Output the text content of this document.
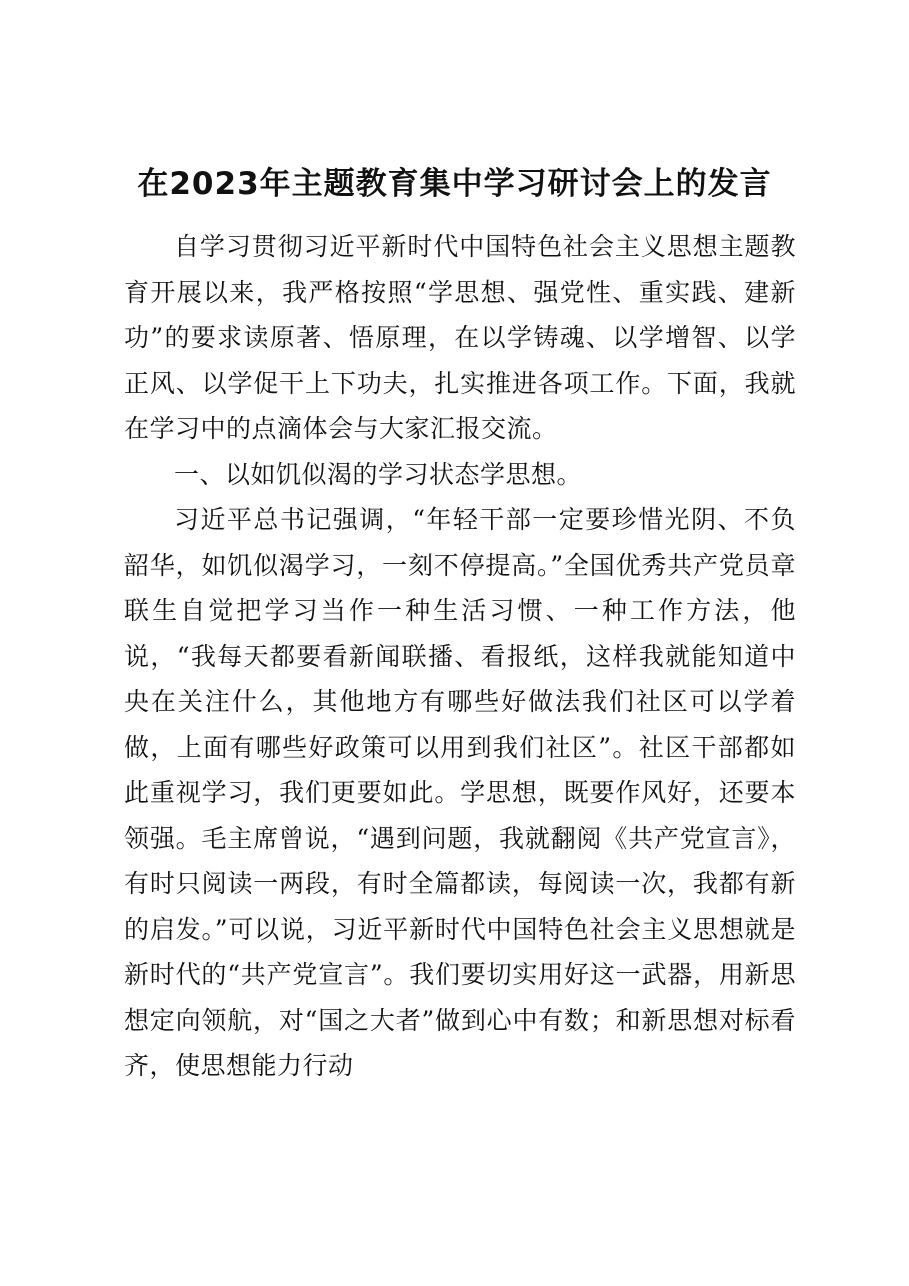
在2023年主题教育集中学习研讨会上的发言

自学习贯彻习近平新时代中国特色社会主义思想主题教育开展以来，我严格按照“学思想、强党性、重实践、建新功”的要求读原著、悟原理，在以学铸魂、以学增智、以学正风、以学促干上下功夫，扎实推进各项工作。下面，我就在学习中的点滴体会与大家汇报交流。

一、以如饥似渴的学习状态学思想。

习近平总书记强调，“年轻干部一定要珍惜光阴、不负韶华，如饥似渴学习，一刻不停提高。”全国优秀共产党员章联生自觉把学习当作一种生活习惯、一种工作方法，他说，“我每天都要看新闻联播、看报纸，这样我就能知道中央在关注什么，其他地方有哪些好做法我们社区可以学着做，上面有哪些好政策可以用到我们社区”。社区干部都如此重视学习，我们更要如此。学思想，既要作风好，还要本领强。毛主席曾说，“遇到问题，我就翻阅《共产党宣言》，有时只阅读一两段，有时全篇都读，每阅读一次，我都有新的启发。”可以说，习近平新时代中国特色社会主义思想就是新时代的“共产党宣言”。我们要切实用好这一武器，用新思想定向领航，对“国之大者”做到心中有数；和新思想对标看齐，使思想能力行动
